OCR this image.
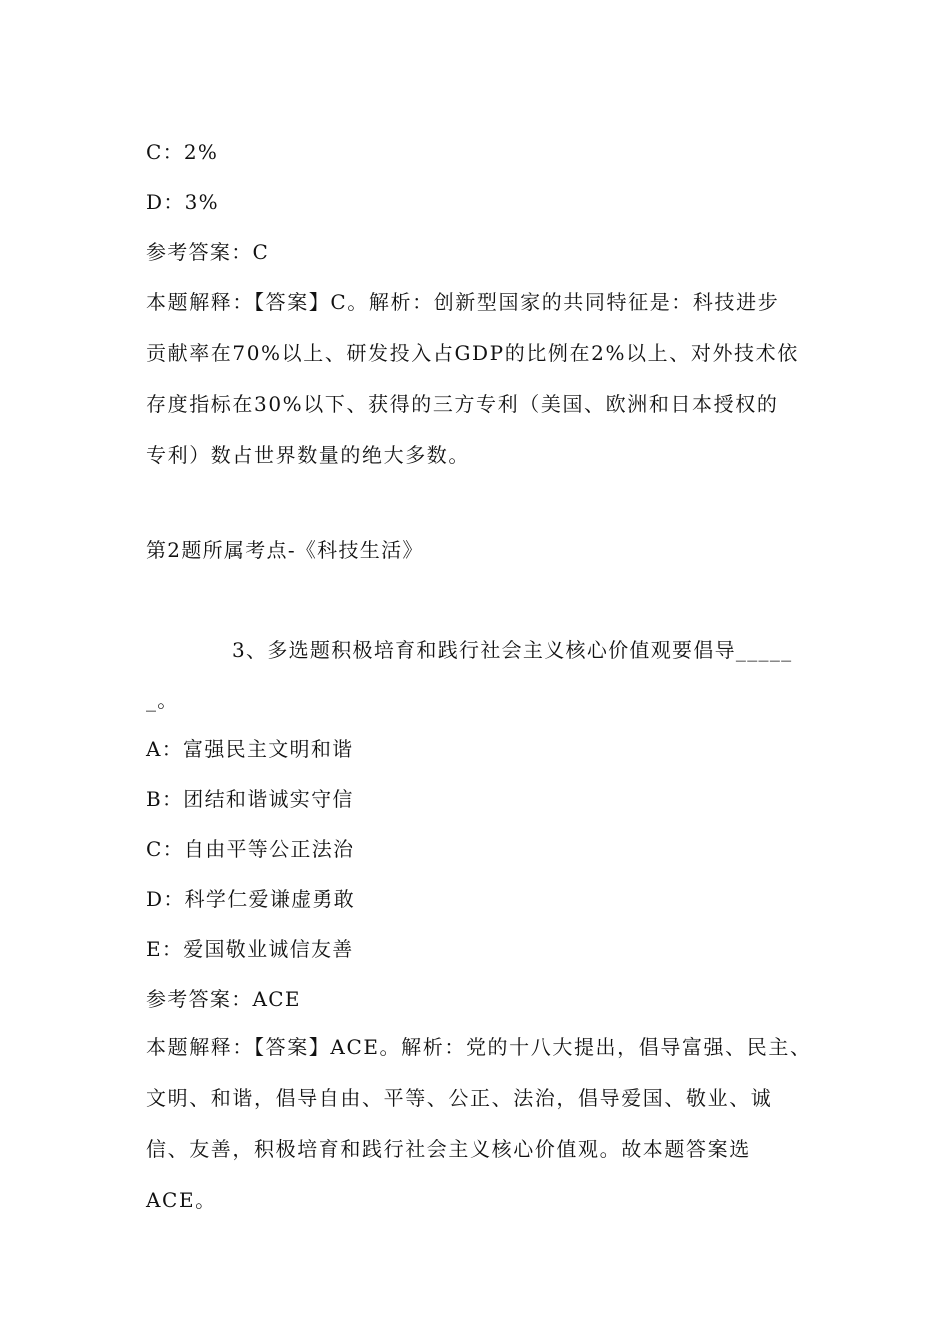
C：2%
D：3%
参考答案：C
本题解释：【答案】C。解析：创新型国家的共同特征是：科技进步
贡献率在70%以上、研发投入占GDP的比例在2%以上、对外技术依
存度指标在30%以下、获得的三方专利（美国、欧洲和日本授权的
专利）数占世界数量的绝大多数。
第2题所属考点-《科技生活》
3、多选题积极培育和践行社会主义核心价值观要倡导_____
_。
A：富强民主文明和谐
B：团结和谐诚实守信
C：自由平等公正法治
D：科学仁爱谦虚勇敢
E：爱国敬业诚信友善
参考答案：ACE
本题解释：【答案】ACE。解析：党的十八大提出，倡导富强、民主、
文明、和谐，倡导自由、平等、公正、法治，倡导爱国、敬业、诚
信、友善，积极培育和践行社会主义核心价值观。故本题答案选
ACE。
